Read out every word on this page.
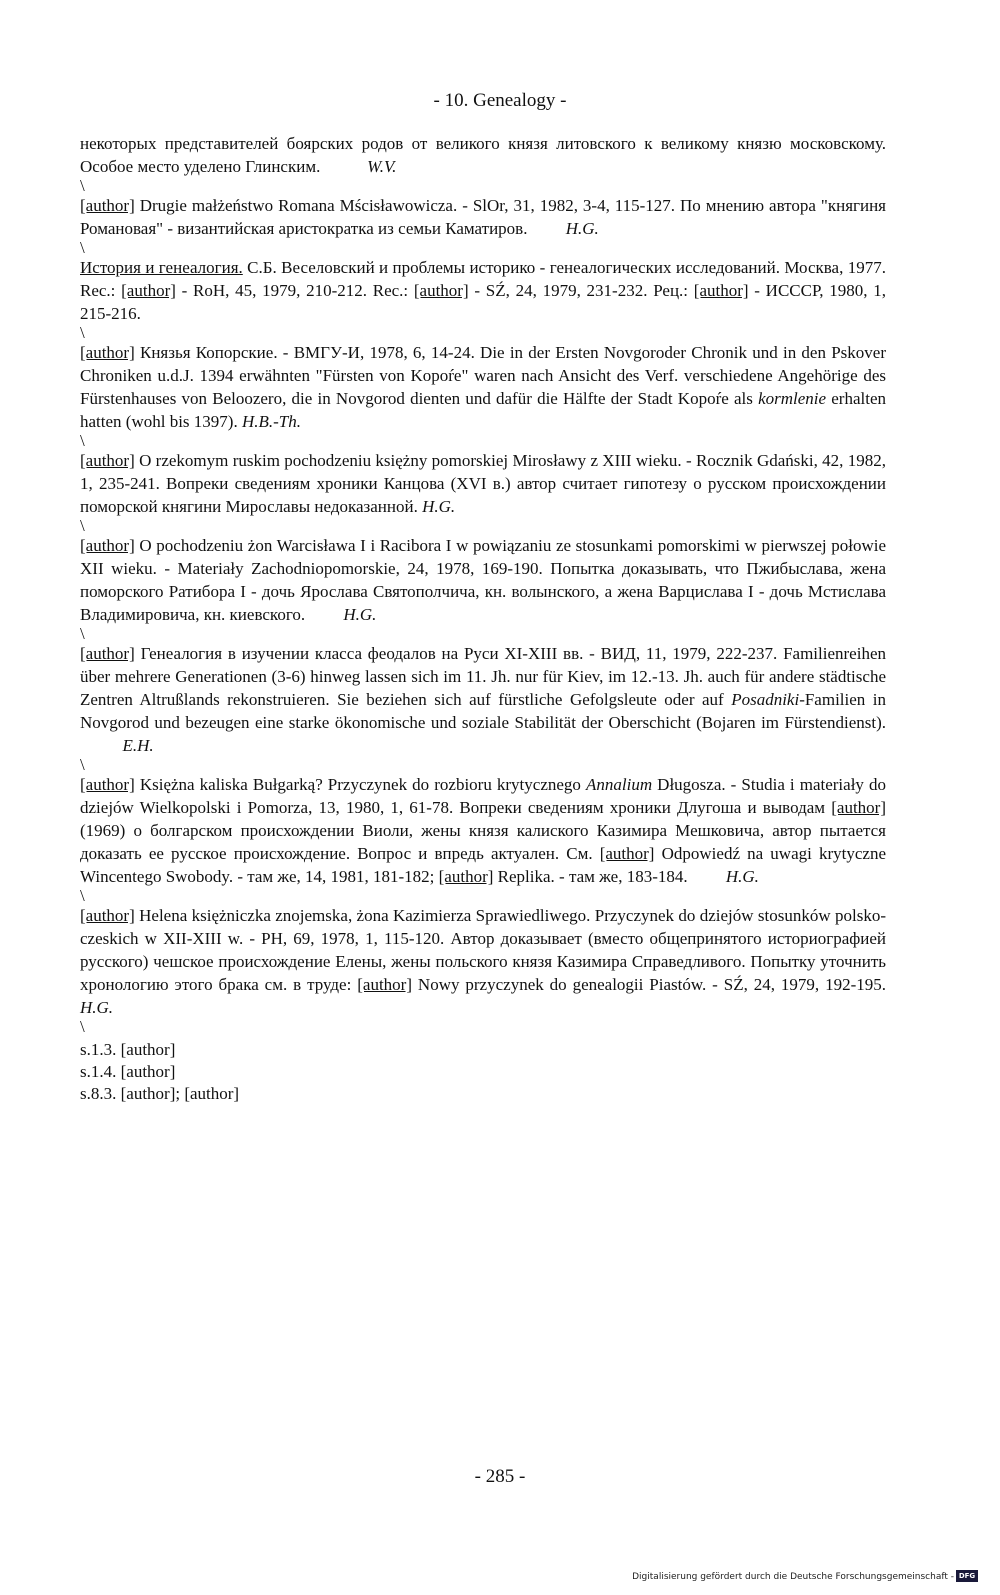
- 10. Genealogy -

некоторых представителей боярских родов от великого князя литовского к великому князю московскому. Особое место уделено Глинским.	W.V.

\

[author] Drugie małżeństwo Romana Mścisławowicza. - SlOr, 31, 1982, 3-4, 115-127. По мнению автора "княгиня Романовая" - византийская аристократка из семьи Каматиров. H.G.

\

История и генеалогия. С.Б. Веселовский и проблемы историко - генеалогических исследований. Москва, 1977. Rec.: [author] - RoH, 45, 1979, 210-212. Rec.: [author] - SŹ, 24, 1979, 231-232. Рец.: [author] - ИСССР, 1980, 1, 215-216.

\

[author] Князья Копорские. - ВМГУ-И, 1978, 6, 14-24. Die in der Ersten Novgoroder Chronik und in den Pskover Chroniken u.d.J. 1394 erwähnten "Fürsten von Kopoŕe" waren nach Ansicht des Verf. verschiedene Angehörige des Fürstenhauses von Beloozero, die in Novgorod dienten und dafür die Hälfte der Stadt Kopoŕe als kormlenie erhalten hatten (wohl bis 1397). H.B.-Th.

\

[author] O rzekomym ruskim pochodzeniu księżny pomorskiej Mirosławy z XIII wieku. - Rocznik Gdański, 42, 1982, 1, 235-241. Вопреки сведениям хроники Канцова (XVI в.) автор считает гипотезу о русском происхождении поморской княгини Мирославы недоказанной. H.G.

\

[author] O pochodzeniu żon Warcisława I i Racibora I w powiązaniu ze stosunkami pomorskimi w pierwszej połowie XII wieku. - Materiały Zachodniopomorskie, 24, 1978, 169-190. Попытка доказывать, что Пжибыслава, жена поморского Ратибора I - дочь Ярослава Святополчича, кн. волынского, а жена Варцислава I - дочь Мстислава Владимировича, кн. киевского. H.G.

\

[author] Генеалогия в изучении класса феодалов на Руси XI-XIII вв. - ВИД, 11, 1979, 222-237. Familienreihen über mehrere Generationen (3-6) hinweg lassen sich im 11. Jh. nur für Kiev, im 12.-13. Jh. auch für andere städtische Zentren Altrußlands rekonstruieren. Sie beziehen sich auf fürstliche Gefolgsleute oder auf Posadniki-Familien in Novgorod und bezeugen eine starke ökonomische und soziale Stabilität der Oberschicht (Bojaren im Fürstendienst).           E.H.

\

[author] Księżna kaliska Bułgarką? Przyczynek do rozbioru krytycznego Annalium Długosza. - Studia i materiały do dziejów Wielkopolski i Pomorza, 13, 1980, 1, 61-78. Вопреки сведениям хроники Длугоша и выводам [author] (1969) о болгарском происхождении Виоли, жены князя калиского Казимира Мешковича, автор пытается доказать ее русское происхождение. Вопрос и впредь актуален. См. [author] Odpowiedź na uwagi krytyczne Wincentego Swobody. - там же, 14, 1981, 181-182; [author] Replika. - там же, 183-184. H.G.

\

[author] Helena księżniczka znojemska, żona Kazimierza Sprawiedliwego. Przyczynek do dziejów stosunków polsko-czeskich w XII-XIII w. - PH, 69, 1978, 1, 115-120. Автор доказывает (вместо общепринятого историографией русского) чешское происхождение Елены, жены польского князя Казимира Справедливого. Попытку уточнить хронологию этого брака см. в труде: [author] Nowy przyczynek do genealogii Piastów. - SŹ, 24, 1979, 192-195. H.G.

\

s.1.3. [author]
s.1.4. [author]
s.8.3. [author]; [author]
- 285 -
Digitalisierung gefördert durch die Deutsche Forschungsgemeinschaft - DFG
